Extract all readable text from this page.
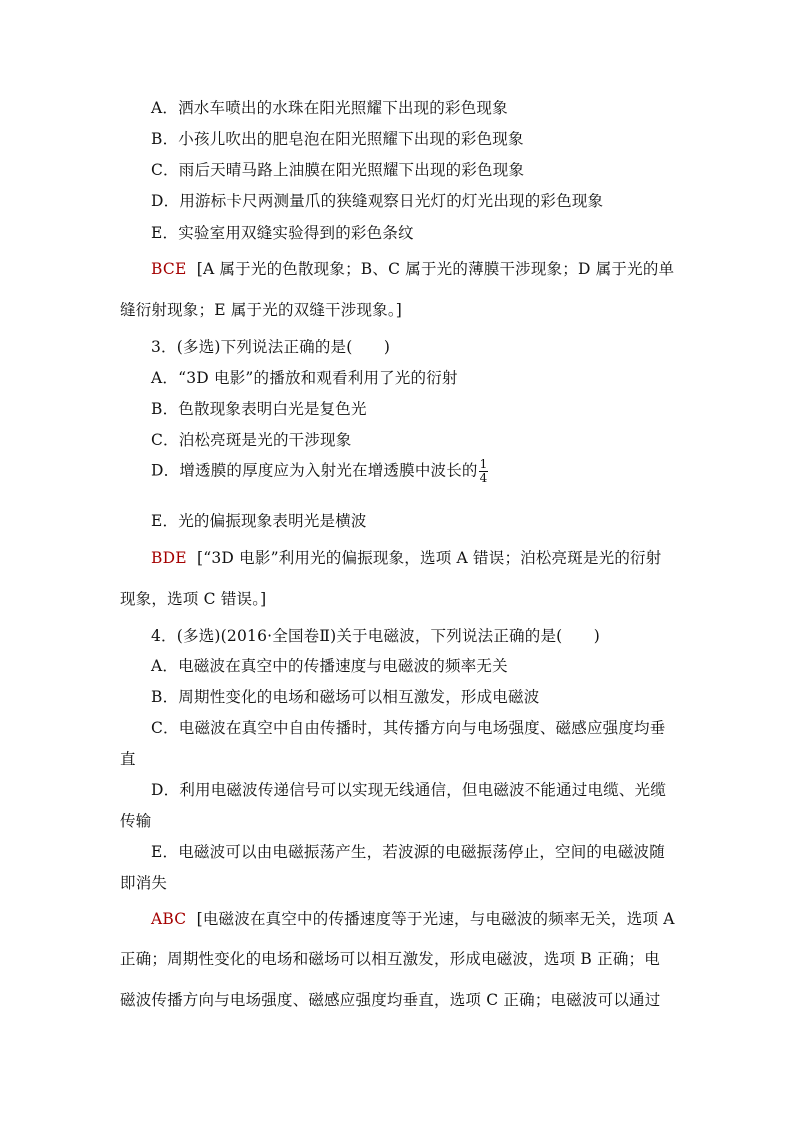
A．洒水车喷出的水珠在阳光照耀下出现的彩色现象
B．小孩儿吹出的肥皂泡在阳光照耀下出现的彩色现象
C．雨后天晴马路上油膜在阳光照耀下出现的彩色现象
D．用游标卡尺两测量爪的狭缝观察日光灯的灯光出现的彩色现象
E．实验室用双缝实验得到的彩色条纹
BCE [A 属于光的色散现象；B、C 属于光的薄膜干涉现象；D 属于光的单
缝衍射现象；E 属于光的双缝干涉现象。]
3．(多选)下列说法正确的是(　　)
A．“3D 电影”的播放和观看利用了光的衍射
B．色散现象表明白光是复色光
C．泊松亮斑是光的干涉现象
D．增透膜的厚度应为入射光在增透膜中波长的 $\frac{1}{4}$
E．光的偏振现象表明光是横波
BDE [“3D 电影”利用光的偏振现象，选项 A 错误；泊松亮斑是光的衍射
现象，选项 C 错误。]
4．(多选)(2016·全国卷Ⅱ)关于电磁波，下列说法正确的是(　　)
A．电磁波在真空中的传播速度与电磁波的频率无关
B．周期性变化的电场和磁场可以相互激发，形成电磁波
C．电磁波在真空中自由传播时，其传播方向与电场强度、磁感应强度均垂
直
D．利用电磁波传递信号可以实现无线通信，但电磁波不能通过电缆、光缆
传输
E．电磁波可以由电磁振荡产生，若波源的电磁振荡停止，空间的电磁波随
即消失
ABC [电磁波在真空中的传播速度等于光速，与电磁波的频率无关，选项 A
正确；周期性变化的电场和磁场可以相互激发，形成电磁波，选项 B 正确；电
磁波传播方向与电场强度、磁感应强度均垂直，选项 C 正确；电磁波可以通过
